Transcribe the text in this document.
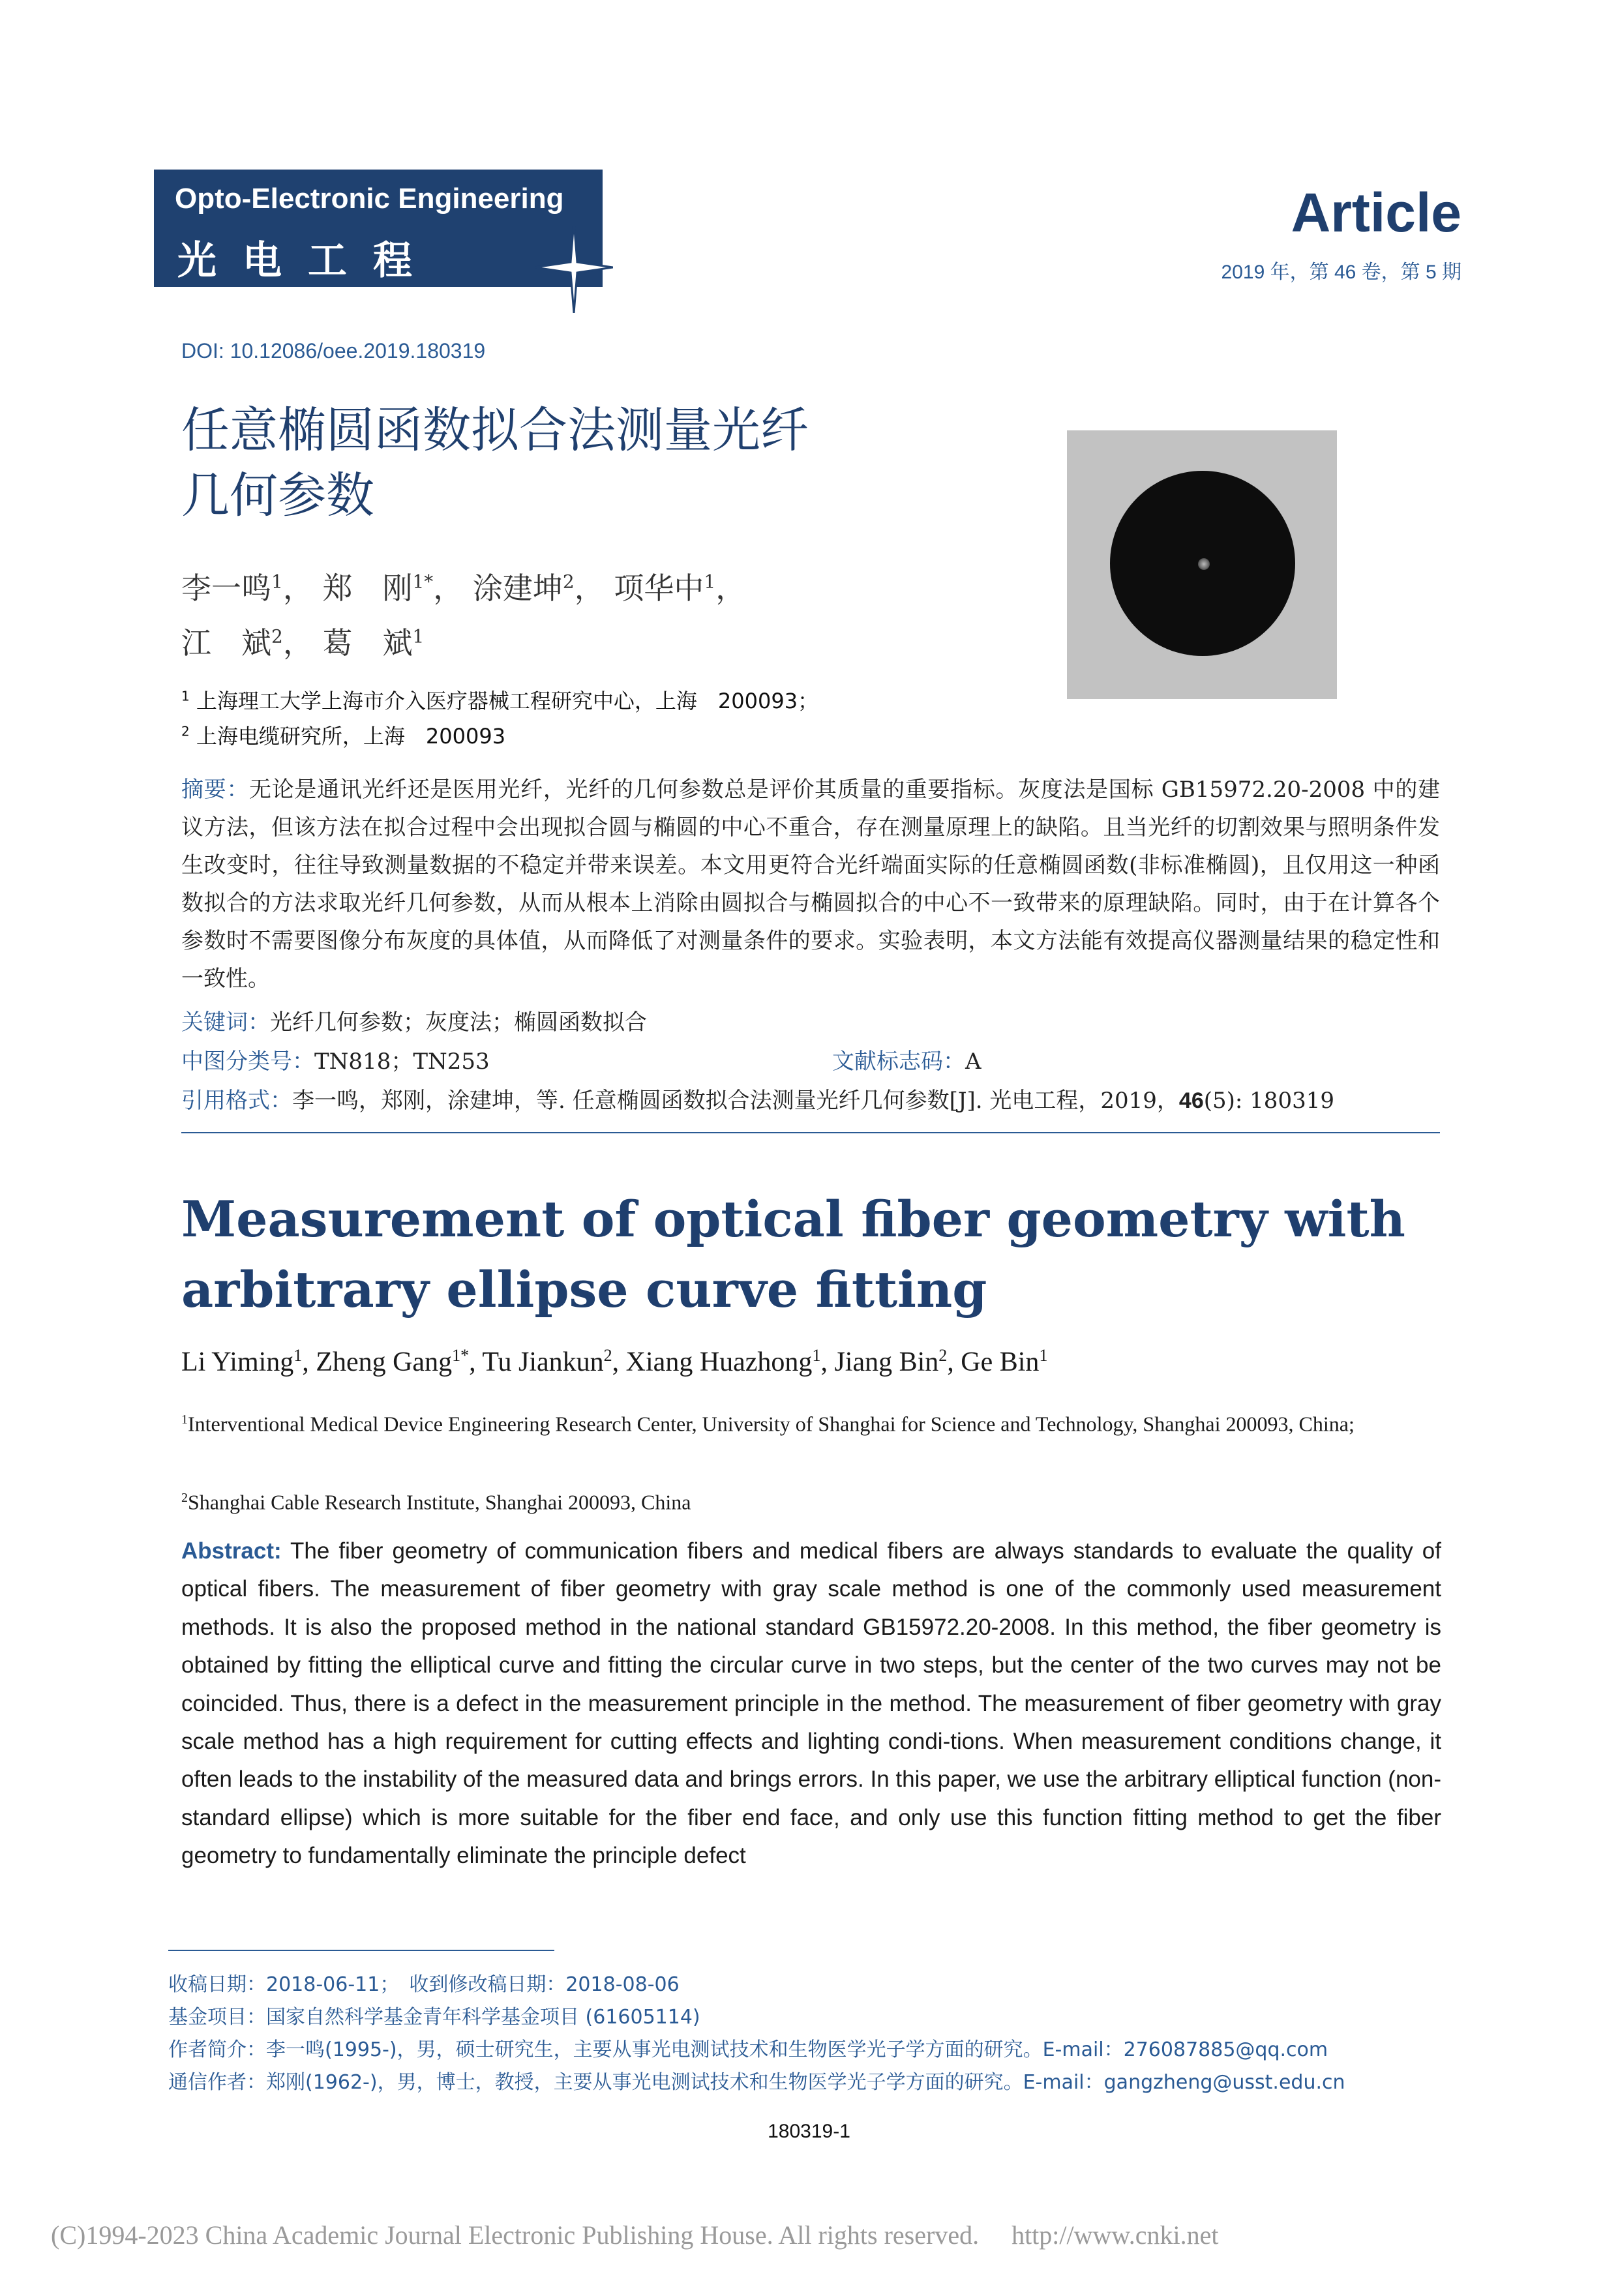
Opto-Electronic Engineering
光电工程
Article
2019 年，第 46 卷，第 5 期
DOI: 10.12086/oee.2019.180319
任意椭圆函数拟合法测量光纤
几何参数
李一鸣$^1$， 郑　刚$^{1*}$， 涂建坤$^2$， 项华中$^1$，
江　斌$^2$， 葛　斌$^1$
$^1$ 上海理工大学上海市介入医疗器械工程研究中心，上海　200093；
$^2$ 上海电缆研究所，上海　200093
摘要：无论是通讯光纤还是医用光纤，光纤的几何参数总是评价其质量的重要指标。灰度法是国标 GB15972.20-2008 中的建议方法，但该方法在拟合过程中会出现拟合圆与椭圆的中心不重合，存在测量原理上的缺陷。且当光纤的切割效果与照明条件发生改变时，往往导致测量数据的不稳定并带来误差。本文用更符合光纤端面实际的任意椭圆函数(非标准椭圆)，且仅用这一种函数拟合的方法求取光纤几何参数，从而从根本上消除由圆拟合与椭圆拟合的中心不一致带来的原理缺陷。同时，由于在计算各个参数时不需要图像分布灰度的具体值，从而降低了对测量条件的要求。实验表明，本文方法能有效提高仪器测量结果的稳定性和一致性。
关键词：光纤几何参数；灰度法；椭圆函数拟合
中图分类号：TN818；TN253	文献标志码：A
引用格式：李一鸣，郑刚，涂建坤，等. 任意椭圆函数拟合法测量光纤几何参数[J]. 光电工程，2019，46(5): 180319
Measurement of optical fiber geometry with
arbitrary ellipse curve fitting
Li Yiming$^1$, Zheng Gang$^{1*}$, Tu Jiankun$^2$, Xiang Huazhong$^1$, Jiang Bin$^2$, Ge Bin$^1$
$^1$Interventional Medical Device Engineering Research Center, University of Shanghai for Science and Technology, Shanghai 200093, China;
$^2$Shanghai Cable Research Institute, Shanghai 200093, China
Abstract: The fiber geometry of communication fibers and medical fibers are always standards to evaluate the quality of optical fibers. The measurement of fiber geometry with gray scale method is one of the commonly used measurement methods. It is also the proposed method in the national standard GB15972.20-2008. In this method, the fiber geometry is obtained by fitting the elliptical curve and fitting the circular curve in two steps, but the center of the two curves may not be coincided. Thus, there is a defect in the measurement principle in the method. The measurement of fiber geometry with gray scale method has a high requirement for cutting effects and lighting condi-tions. When measurement conditions change, it often leads to the instability of the measured data and brings errors. In this paper, we use the arbitrary elliptical function (non-standard ellipse) which is more suitable for the fiber end face, and only use this function fitting method to get the fiber geometry to fundamentally eliminate the principle defect
收稿日期：2018-06-11；　收到修改稿日期：2018-08-06
基金项目：国家自然科学基金青年科学基金项目 (61605114)
作者简介：李一鸣(1995-)，男，硕士研究生，主要从事光电测试技术和生物医学光子学方面的研究。E-mail：276087885@qq.com
通信作者：郑刚(1962-)，男，博士，教授，主要从事光电测试技术和生物医学光子学方面的研究。E-mail：gangzheng@usst.edu.cn
180319-1
(C)1994-2023 China Academic Journal Electronic Publishing House. All rights reserved.　 http://www.cnki.net
